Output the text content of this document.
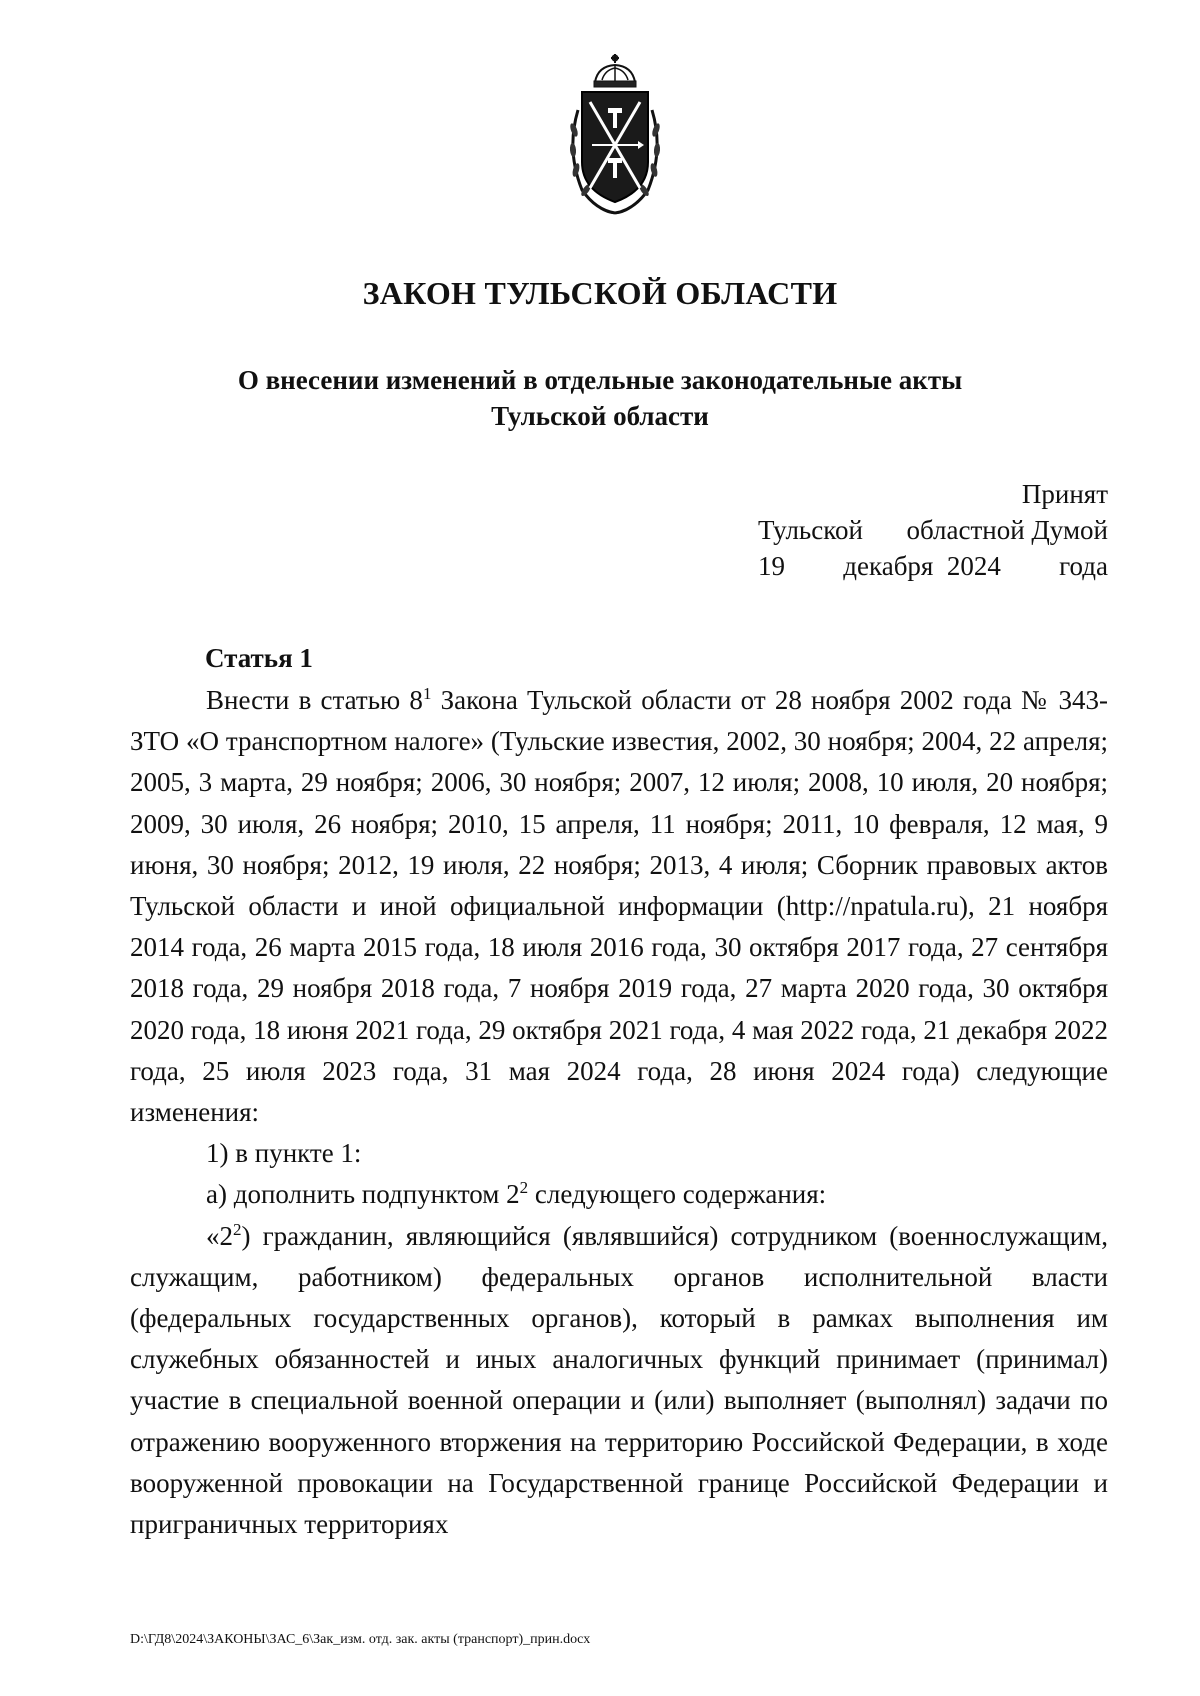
ЗАКОН ТУЛЬСКОЙ ОБЛАСТИ
О внесении изменений в отдельные законодательные акты
Тульской области
Принят
Тульской областной Думой
19 декабря 2024 года
Статья 1

Внести в статью $8^1$ Закона Тульской области от 28 ноября 2002 года № 343-ЗТО «О транспортном налоге» (Тульские известия, 2002, 30 ноября; 2004, 22 апреля; 2005, 3 марта, 29 ноября; 2006, 30 ноября; 2007, 12 июля; 2008, 10 июля, 20 ноября; 2009, 30 июля, 26 ноября; 2010, 15 апреля, 11 ноября; 2011, 10 февраля, 12 мая, 9 июня, 30 ноября; 2012, 19 июля, 22 ноября; 2013, 4 июля; Сборник правовых актов Тульской области и иной официальной информации (http://npatula.ru), 21 ноября 2014 года, 26 марта 2015 года, 18 июля 2016 года, 30 октября 2017 года, 27 сентября 2018 года, 29 ноября 2018 года, 7 ноября 2019 года, 27 марта 2020 года, 30 октября 2020 года, 18 июня 2021 года, 29 октября 2021 года, 4 мая 2022 года, 21 декабря 2022 года, 25 июля 2023 года, 31 мая 2024 года, 28 июня 2024 года) следующие изменения:

1) в пункте 1:

а) дополнить подпунктом $2^2$ следующего содержания:

«$2^2$) гражданин, являющийся (являвшийся) сотрудником (военнослужащим, служащим, работником) федеральных органов исполнительной власти (федеральных государственных органов), который в рамках выполнения им служебных обязанностей и иных аналогичных функций принимает (принимал) участие в специальной военной операции и (или) выполняет (выполнял) задачи по отражению вооруженного вторжения на территорию Российской Федерации, в ходе вооруженной провокации на Государственной границе Российской Федерации и приграничных территориях

D:\ГД8\2024\ЗАКОНЫ\ЗАС_6\Зак_изм. отд. зак. акты (транспорт)_прин.docx
